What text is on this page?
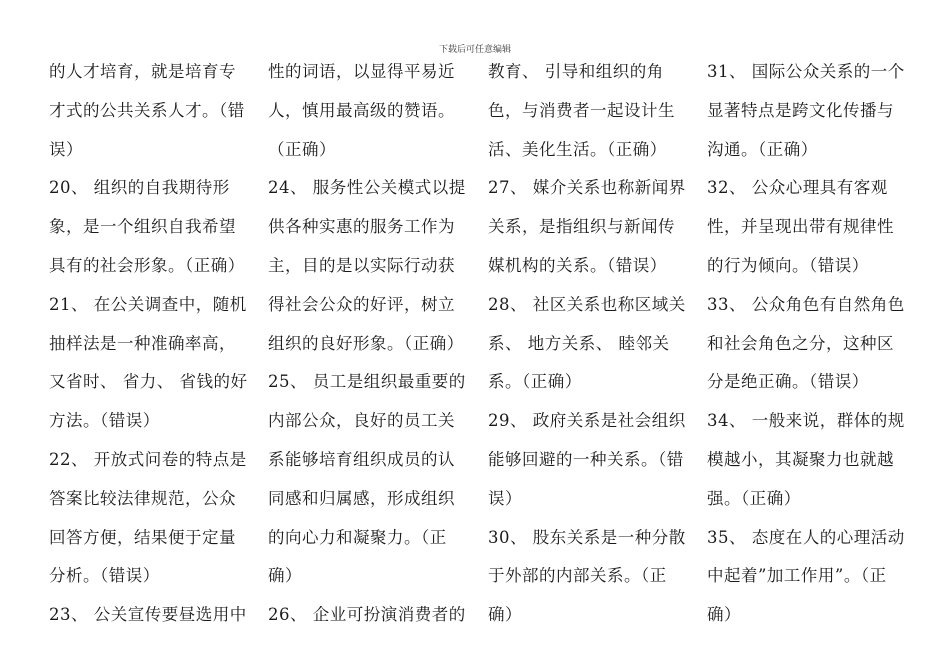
下载后可任意编辑

的人才培育，就是培育专才式的公共关系人才。（错误）

20、 组织的自我期待形象，是一个组织自我希望具有的社会形象。（正确）

21、 在公关调查中，随机抽样法是一种准确率高，又省时、 省力、 省钱的好方法。（错误）

22、 开放式问卷的特点是答案比较法律规范，公众回答方便，结果便于定量分析。（错误）

23、 公关宣传要昼选用中

性的词语，以显得平易近人，慎用最高级的赞语。（正确）

24、 服务性公关模式以提供各种实惠的服务工作为主，目的是以实际行动获得社会公众的好评，树立组织的良好形象。（正确）

25、 员工是组织最重要的内部公众，良好的员工关系能够培育组织成员的认同感和归属感，形成组织的向心力和凝聚力。（正确）

26、 企业可扮演消费者的

教育、 引导和组织的角色，与消费者一起设计生活、美化生活。（正确）

27、 媒介关系也称新闻界关系，是指组织与新闻传媒机构的关系。（错误）

28、 社区关系也称区域关系、 地方关系、 睦邻关系。（正确）

29、 政府关系是社会组织能够回避的一种关系。（错误）

30、 股东关系是一种分散于外部的内部关系。（正确）

31、 国际公众关系的一个显著特点是跨文化传播与沟通。（正确）

32、 公众心理具有客观性，并呈现出带有规律性的行为倾向。（错误）

33、 公众角色有自然角色和社会角色之分，这种区分是绝正确。（错误）

34、 一般来说，群体的规模越小，其凝聚力也就越强。（正确）

35、 态度在人的心理活动中起着”加工作用”。（正确）
